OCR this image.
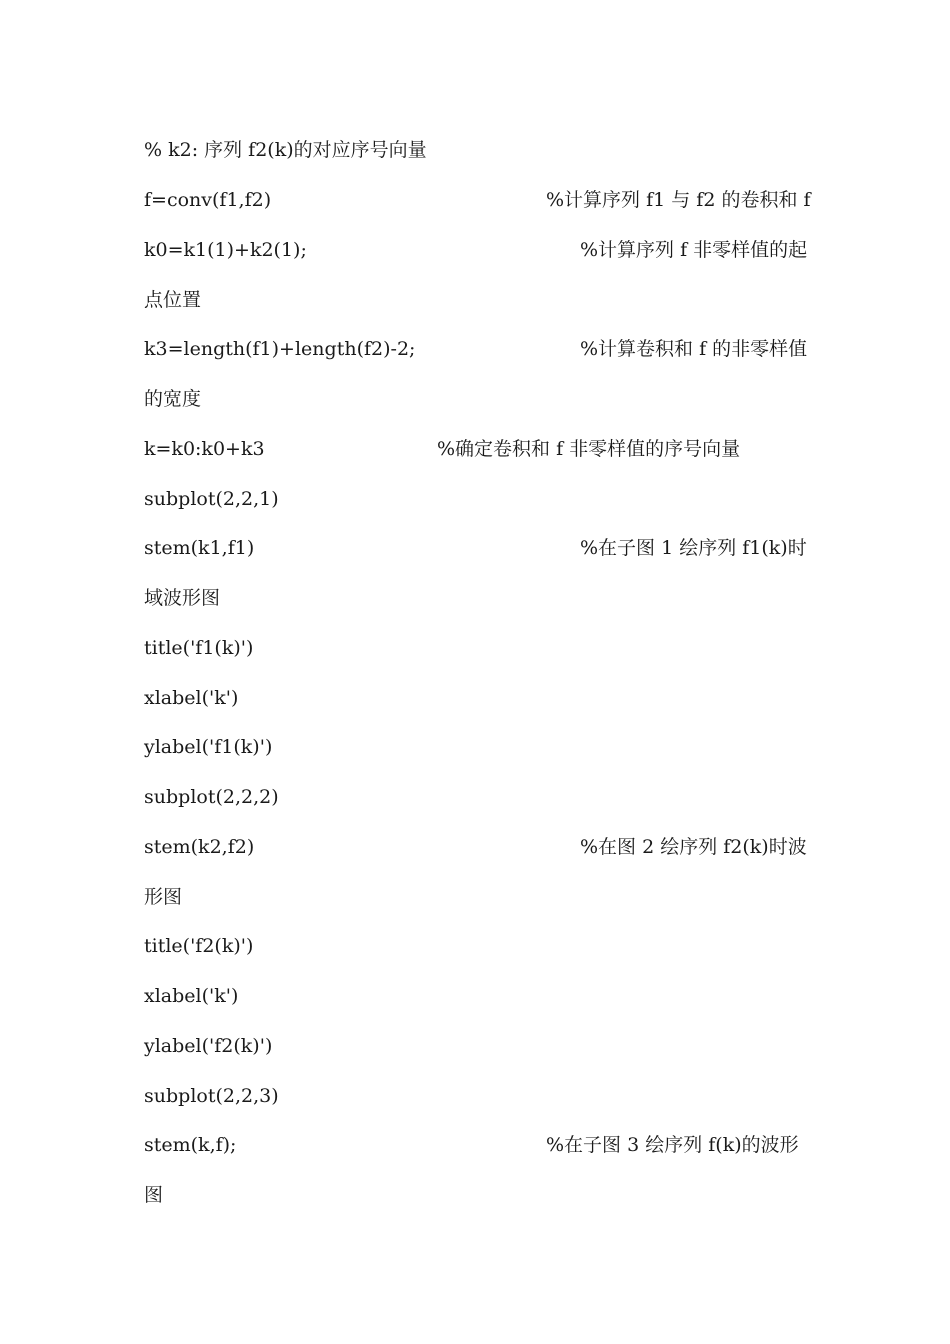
% k2: 序列 f2(k)的对应序号向量
f=conv(f1,f2)	%计算序列 f1 与 f2 的卷积和 f
k0=k1(1)+k2(1);	%计算序列 f 非零样值的起
点位置
k3=length(f1)+length(f2)-2;	%计算卷积和 f 的非零样值
的宽度
k=k0:k0+k3	%确定卷积和 f 非零样值的序号向量
subplot(2,2,1)
stem(k1,f1)	%在子图 1 绘序列 f1(k)时
域波形图
title('f1(k)')
xlabel('k')
ylabel('f1(k)')
subplot(2,2,2)
stem(k2,f2)	%在图 2 绘序列 f2(k)时波
形图
title('f2(k)')
xlabel('k')
ylabel('f2(k)')
subplot(2,2,3)
stem(k,f);	%在子图 3 绘序列 f(k)的波形
图
